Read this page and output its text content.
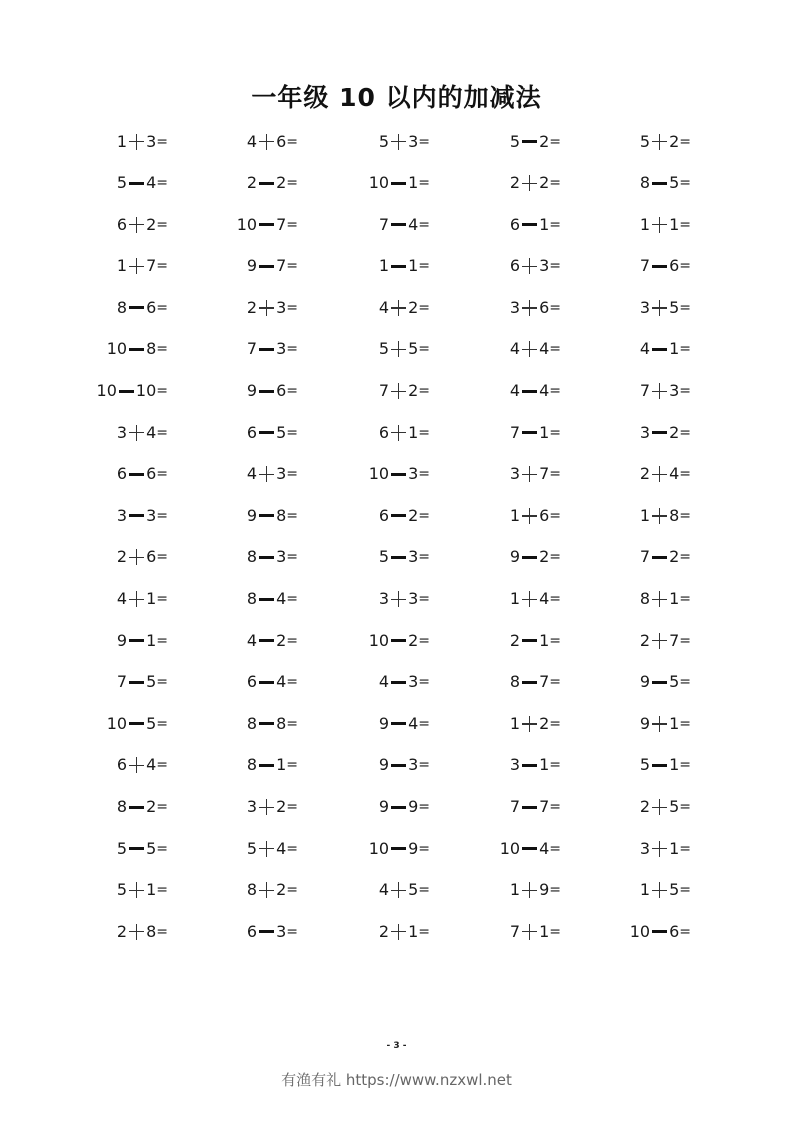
一年级 10 以内的加减法
1 3=	4 6=	5 3=	5 2=	5 2=
5 4=	2 2=	10 1=	2 2=	8 5=
6 2=	10 7=	7 4=	6 1=	1 1=
1 7=	9 7=	1 1=	6 3=	7 6=
8 6=	2 3=	4 2=	3 6=	3 5=
10 8=	7 3=	5 5=	4 4=	4 1=
10 10=	9 6=	7 2=	4 4=	7 3=
3 4=	6 5=	6 1=	7 1=	3 2=
6 6=	4 3=	10 3=	3 7=	2 4=
3 3=	9 8=	6 2=	1 6=	1 8=
2 6=	8 3=	5 3=	9 2=	7 2=
4 1=	8 4=	3 3=	1 4=	8 1=
9 1=	4 2=	10 2=	2 1=	2 7=
7 5=	6 4=	4 3=	8 7=	9 5=
10 5=	8 8=	9 4=	1 2=	9 1=
6 4=	8 1=	9 3=	3 1=	5 1=
8 2=	3 2=	9 9=	7 7=	2 5=
5 5=	5 4=	10 9=	10 4=	3 1=
5 1=	8 2=	4 5=	1 9=	1 5=
2 8=	6 3=	2 1=	7 1=	10 6=
- 3 -
有渔有礼 https://www.nzxwl.net
